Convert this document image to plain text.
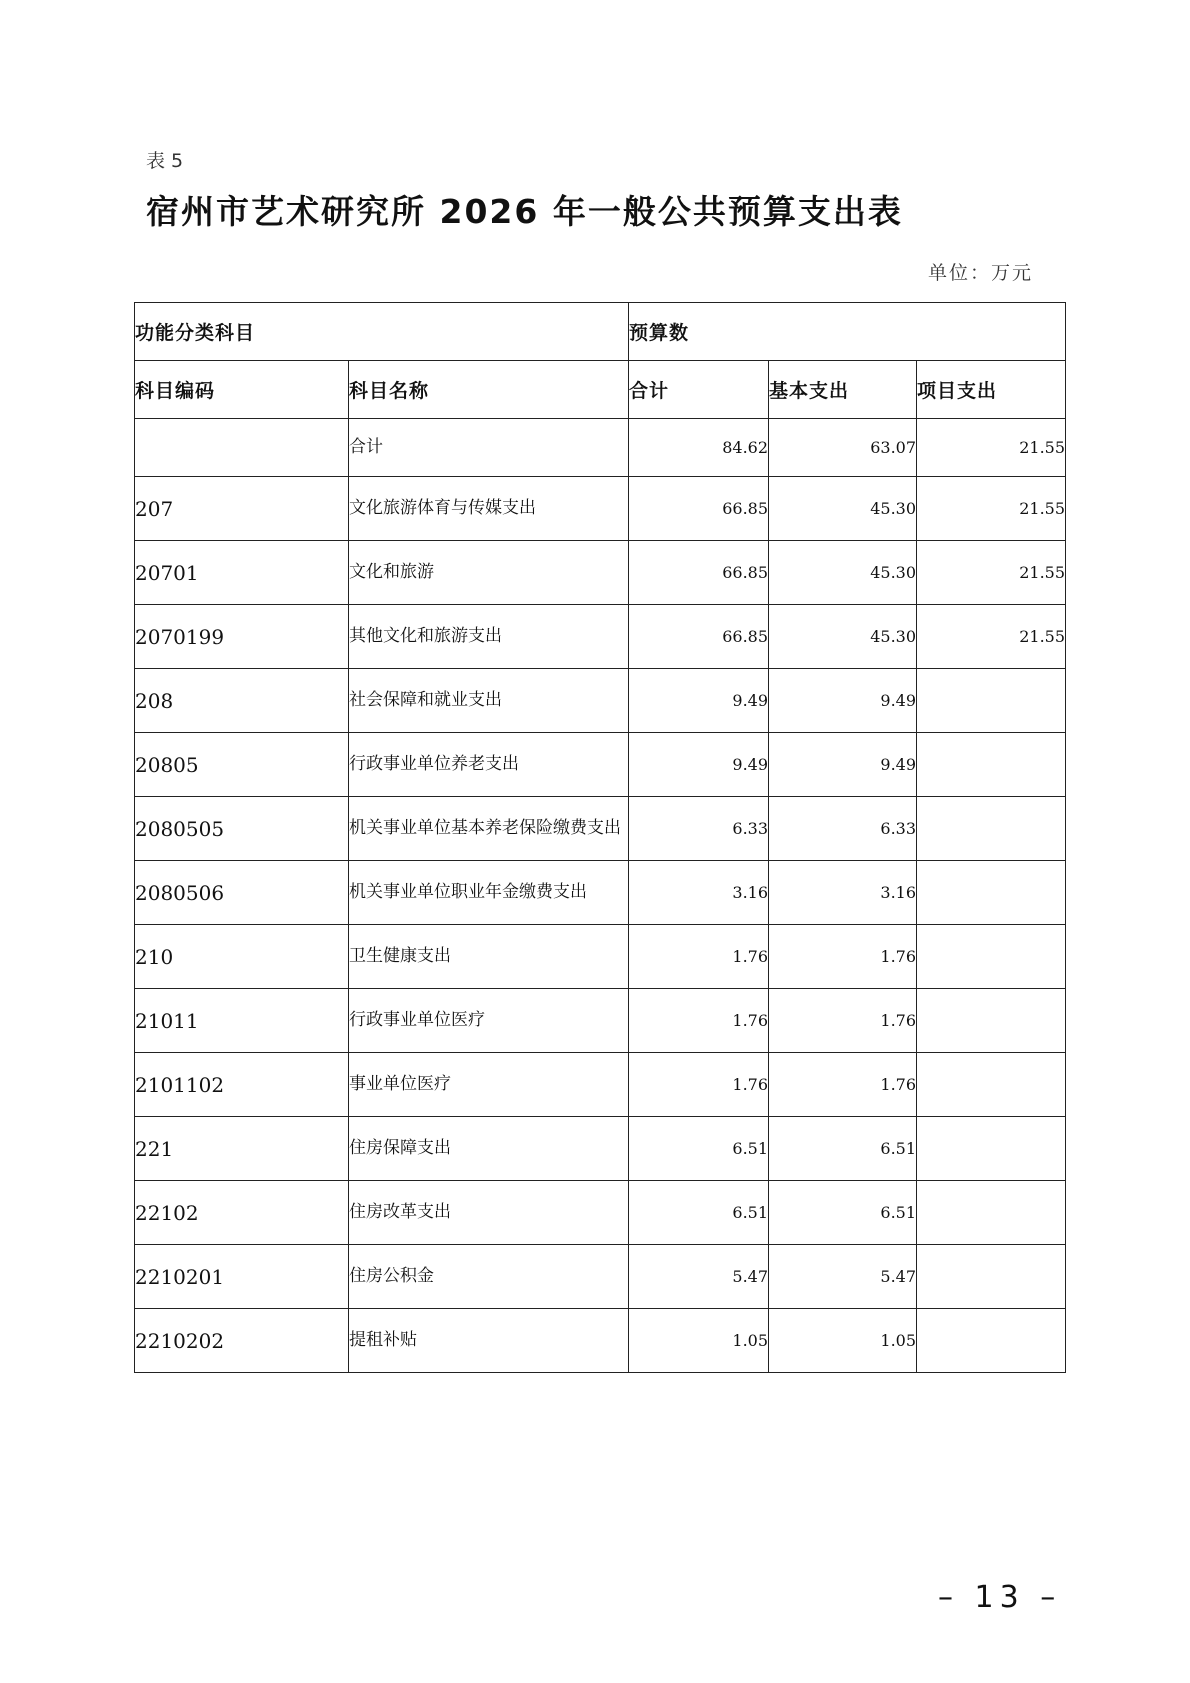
表 5
宿州市艺术研究所 2026 年一般公共预算支出表
单位：万元
功能分类科目		预算数		
科目编码	科目名称	合计	基本支出	项目支出
	合计	84.62	63.07	21.55
207	文化旅游体育与传媒支出	66.85	45.30	21.55
20701	文化和旅游	66.85	45.30	21.55
2070199	其他文化和旅游支出	66.85	45.30	21.55
208	社会保障和就业支出	9.49	9.49	
20805	行政事业单位养老支出	9.49	9.49	
2080505	机关事业单位基本养老保险缴费支出	6.33	6.33	
2080506	机关事业单位职业年金缴费支出	3.16	3.16	
210	卫生健康支出	1.76	1.76	
21011	行政事业单位医疗	1.76	1.76	
2101102	事业单位医疗	1.76	1.76	
221	住房保障支出	6.51	6.51	
22102	住房改革支出	6.51	6.51	
2210201	住房公积金	5.47	5.47	
2210202	提租补贴	1.05	1.05	
– 13 –
